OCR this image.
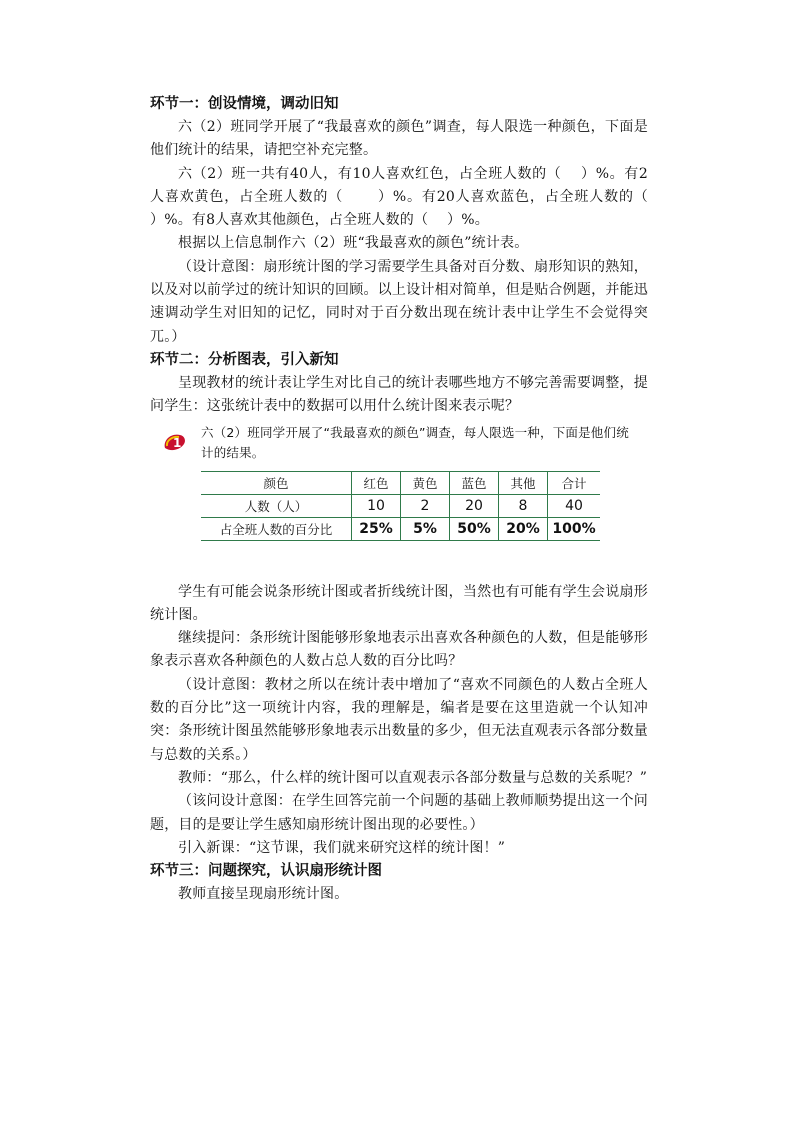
环节一：创设情境，调动旧知

六（2）班同学开展了“我最喜欢的颜色”调查，每人限选一种颜色，下面是他们统计的结果，请把空补充完整。

六（2）班一共有40人，有10人喜欢红色，占全班人数的（　 ）%。有2人喜欢黄色，占全班人数的（　 　）%。有20人喜欢蓝色，占全班人数的（　 ）%。有8人喜欢其他颜色，占全班人数的（　 ）%。

根据以上信息制作六（2）班“我最喜欢的颜色”统计表。

（设计意图：扇形统计图的学习需要学生具备对百分数、扇形知识的熟知，以及对以前学过的统计知识的回顾。以上设计相对简单，但是贴合例题，并能迅速调动学生对旧知的记忆，同时对于百分数出现在统计表中让学生不会觉得突兀。）

环节二：分析图表，引入新知

呈现教材的统计表让学生对比自己的统计表哪些地方不够完善需要调整，提问学生：这张统计表中的数据可以用什么统计图来表示呢？

1
六（2）班同学开展了“我最喜欢的颜色”调查，每人限选一种，下面是他们统计的结果。
颜色	红色	黄色	蓝色	其他	合计
人数（人）	10	2	20	8	40
占全班人数的百分比	25%	5%	50%	20%	100%

学生有可能会说条形统计图或者折线统计图，当然也有可能有学生会说扇形统计图。

继续提问：条形统计图能够形象地表示出喜欢各种颜色的人数，但是能够形象表示喜欢各种颜色的人数占总人数的百分比吗？

（设计意图：教材之所以在统计表中增加了“喜欢不同颜色的人数占全班人数的百分比”这一项统计内容，我的理解是，编者是要在这里造就一个认知冲突：条形统计图虽然能够形象地表示出数量的多少，但无法直观表示各部分数量与总数的关系。）

教师：“那么，什么样的统计图可以直观表示各部分数量与总数的关系呢？”

（该问设计意图：在学生回答完前一个问题的基础上教师顺势提出这一个问题，目的是要让学生感知扇形统计图出现的必要性。）

引入新课：“这节课，我们就来研究这样的统计图！”

环节三：问题探究，认识扇形统计图

教师直接呈现扇形统计图。
